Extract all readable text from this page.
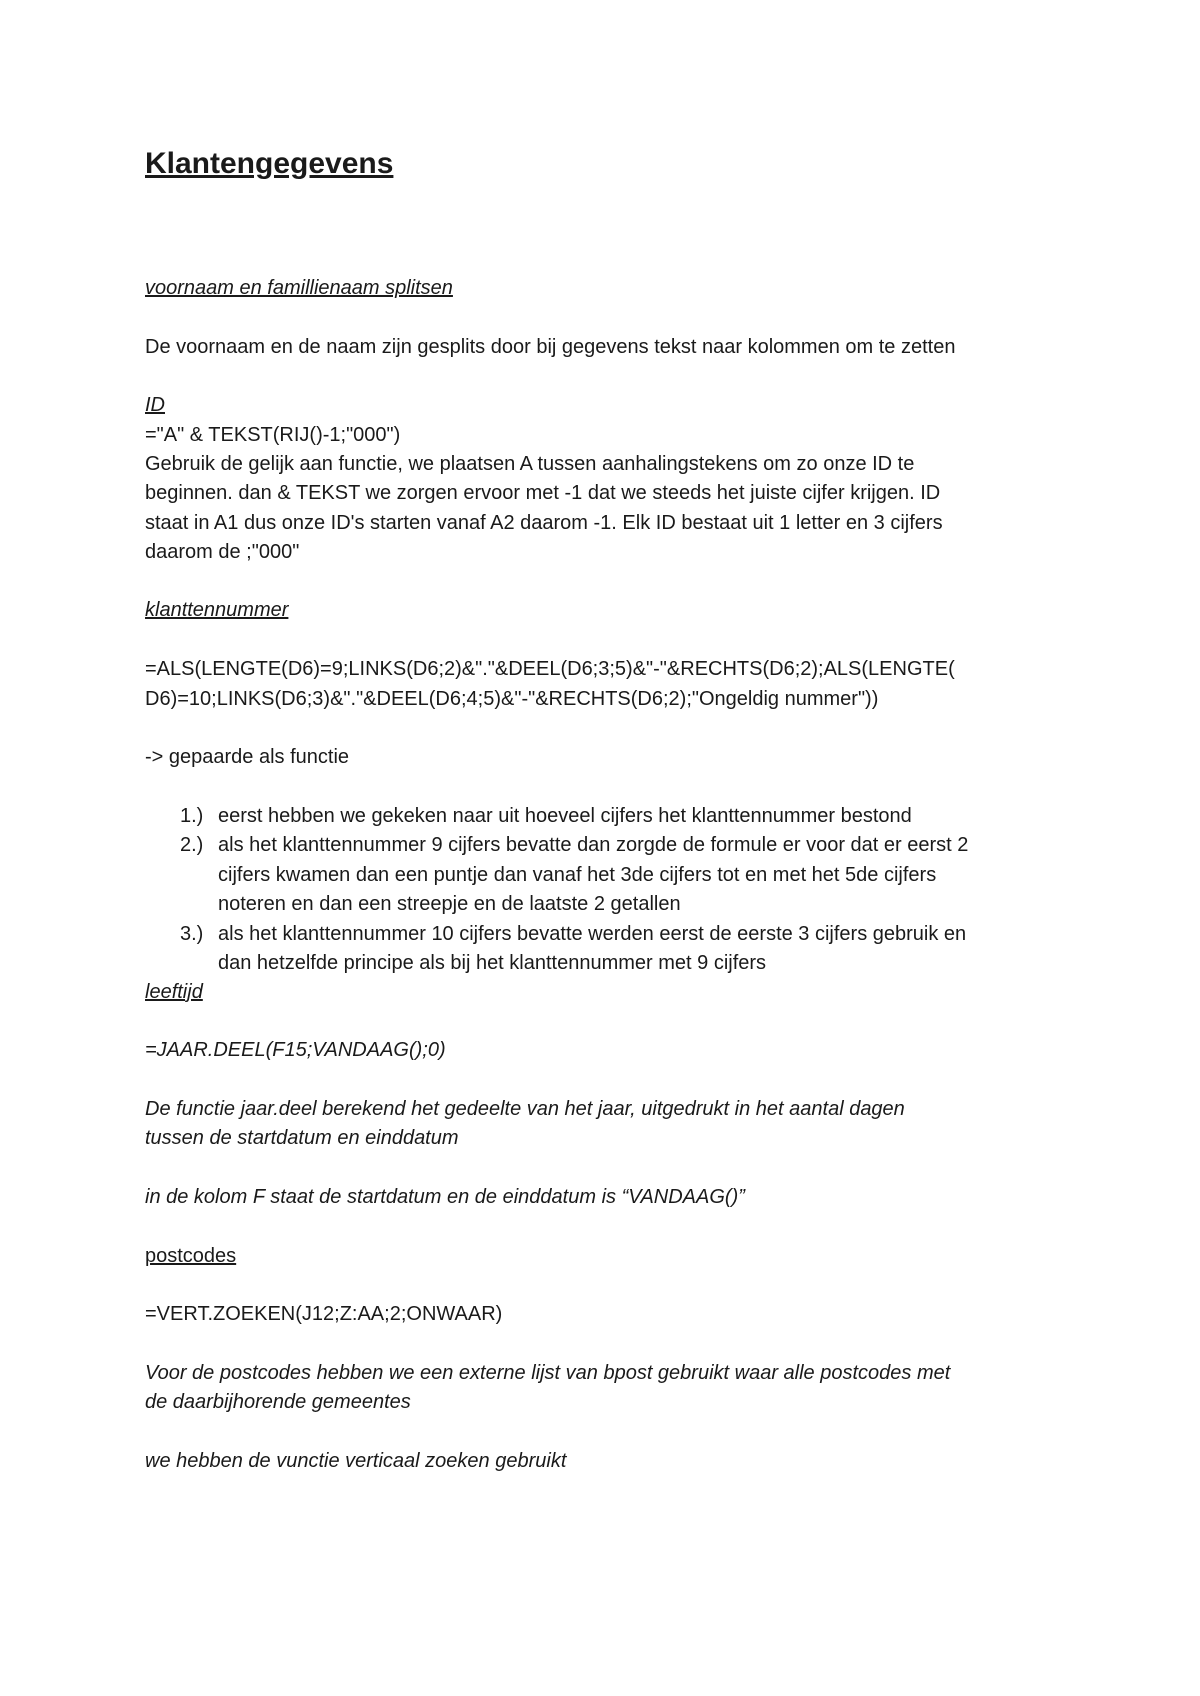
Klantengegevens

voornaam en famillienaam splitsen

De voornaam en de naam zijn gesplits door bij gegevens tekst naar kolommen om te zetten

ID

="A" & TEKST(RIJ()-1;"000")

Gebruik de gelijk aan functie, we plaatsen A tussen aanhalingstekens om zo onze ID te

beginnen. dan & TEKST we zorgen ervoor met -1 dat we steeds het juiste cijfer krijgen. ID

staat in A1 dus onze ID's starten vanaf A2 daarom -1. Elk ID bestaat uit 1 letter en 3 cijfers

daarom de ;"000"

klanttennummer

=ALS(LENGTE(D6)=9;LINKS(D6;2)&"."&DEEL(D6;3;5)&"-"&RECHTS(D6;2);ALS(LENGTE(

D6)=10;LINKS(D6;3)&"."&DEEL(D6;4;5)&"-"&RECHTS(D6;2);"Ongeldig nummer"))

-> gepaarde als functie

1.) eerst hebben we gekeken naar uit hoeveel cijfers het klanttennummer bestond
2.) als het klanttennummer 9 cijfers bevatte dan zorgde de formule er voor dat er eerst 2
cijfers kwamen dan een puntje dan vanaf het 3de cijfers tot en met het 5de cijfers
noteren en dan een streepje en de laatste 2 getallen
3.) als het klanttennummer 10 cijfers bevatte werden eerst de eerste 3 cijfers gebruik en
dan hetzelfde principe als bij het klanttennummer met 9 cijfers

leeftijd

=JAAR.DEEL(F15;VANDAAG();0)

De functie jaar.deel berekend het gedeelte van het jaar, uitgedrukt in het aantal dagen

tussen de startdatum en einddatum

in de kolom F staat de startdatum en de einddatum is “VANDAAG()”

postcodes

=VERT.ZOEKEN(J12;Z:AA;2;ONWAAR)

Voor de postcodes hebben we een externe lijst van bpost gebruikt waar alle postcodes met

de daarbijhorende gemeentes

we hebben de vunctie verticaal zoeken gebruikt
